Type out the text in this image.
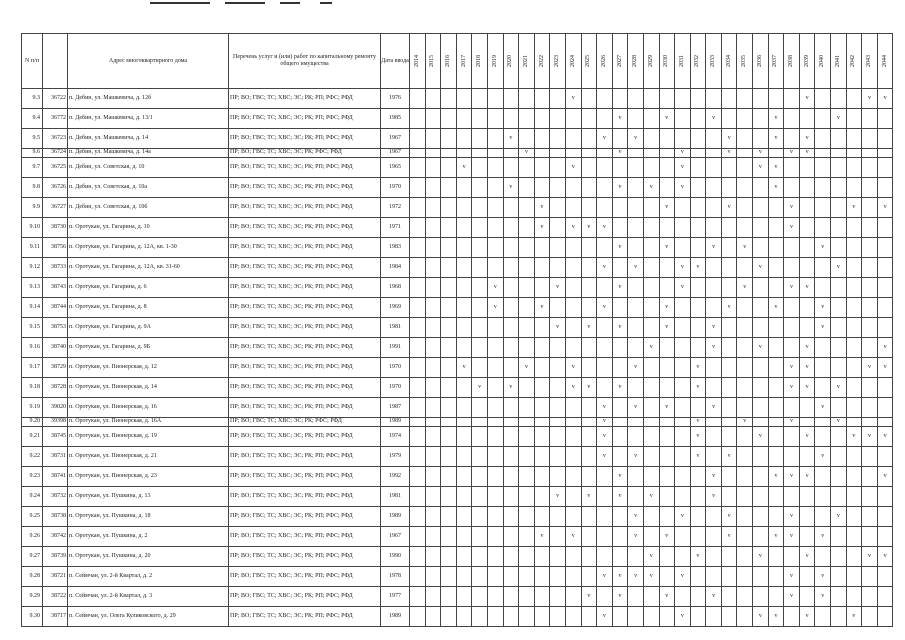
N п/п		Адрес многоквартирного дома	Перечень услуг и (или) работ по капитальному ремонту общего имущества	Дата ввода	2014	2015	2016	2017	2018	2019	2020	2021	2022	2023	2024	2025	2026	2027	2028	2029	2030	2031	2032	2033	2034	2035	2036	2037	2038	2039	2040	2041	2042	2043	2044

9.3	36722	п. Дебин, ул. Машкевича, д. 12б	ПР; ВО; ГВС; ТС; ХВС; ЭС; РК; РП; РФС; РФД	1976											v															v				v	v
9.4	36772	п. Дебин, ул. Машкевича, д. 13/1	ПР; ВО; ГВС; ТС; ХВС; ЭС; РК; РП; РФС; РФД	1985														v			v			v				v				v			
9.5	36723	п. Дебин, ул. Машкевича, д. 14	ПР; ВО; ГВС; ТС; ХВС; ЭС; РК; РП; РФС; РФД	1967							v						v		v						v			v		v					
9.6	36724	п. Дебин, ул. Машкевича, д. 14а	ПР; ВО; ГВС; ТС; ХВС; ЭС; РК; РФС; РФД	1967								v						v				v			v		v		v	v					
9.7	36725	п. Дебин, ул. Советская, д. 10	ПР; ВО; ГВС; ТС; ХВС; ЭС; РК; РП; РФС; РФД	1965				v							v							v					v	v							
9.8	36726	п. Дебин, ул. Советская, д. 10а	ПР; ВО; ГВС; ТС; ХВС; ЭС; РК; РП; РФС; РФД	1970							v							v		v		v						v							
9.9	36727	п. Дебин, ул. Советская, д. 10б	ПР; ВО; ГВС; ТС; ХВС; ЭС; РК; РП; РФС; РФД	1972									v								v				v				v				v		v
9.10	38730	п. Оротукан, ул. Гагарина, д. 10	ПР; ВО; ГВС; ТС; ХВС; ЭС; РК; РП; РФС; РФД	1971									v		v	v	v												v						
9.11	38756	п. Оротукан, ул. Гагарина, д. 12А, кв. 1-30	ПР; ВО; ГВС; ТС; ХВС; ЭС; РК; РП; РФС; РФД	1983														v			v			v		v					v				
9.12	38733	п. Оротукан, ул. Гагарина, д. 12А, кв. 31-60	ПР; ВО; ГВС; ТС; ХВС; ЭС; РК; РП; РФС; РФД	1984													v		v			v	v				v					v			
9.13	38743	п. Оротукан, ул. Гагарина, д. 6	ПР; ВО; ГВС; ТС; ХВС; ЭС; РК; РП; РФС; РФД	1968						v				v				v				v				v			v	v					
9.14	38744	п. Оротукан, ул. Гагарина, д. 8	ПР; ВО; ГВС; ТС; ХВС; ЭС; РК; РП; РФС; РФД	1969						v			v				v				v				v			v			v				
9.15	38753	п. Оротукан, ул. Гагарина, д. 9А	ПР; ВО; ГВС; ТС; ХВС; ЭС; РК; РП; РФС; РФД	1981										v		v		v			v			v							v				
9.16	38740	п. Оротукан, ул. Гагарина, д. 9Б	ПР; ВО; ГВС; ТС; ХВС; ЭС; РК; РП; РФС; РФД	1991																v				v			v			v					v
9.17	38729	п. Оротукан, ул. Пионерская, д. 12	ПР; ВО; ГВС; ТС; ХВС; ЭС; РК; РП; РФС; РФД	1970				v				v			v				v				v						v	v				v	v
9.18	38728	п. Оротукан, ул. Пионерская, д. 14	ПР; ВО; ГВС; ТС; ХВС; ЭС; РК; РП; РФС; РФД	1970					v		v				v	v		v					v						v	v		v			
9.19	39020	п. Оротукан, ул. Пионерская, д. 16	ПР; ВО; ГВС; ТС; ХВС; ЭС; РК; РП; РФС; РФД	1987													v		v		v			v							v				
9.20	39398	п. Оротукан, ул. Пионерская, д. 16А	ПР; ВО; ГВС; ТС; ХВС; ЭС; РК; РФС; РФД	1989													v						v			v			v			v			
9.21	38745	п. Оротукан, ул. Пионерская, д. 19	ПР; ВО; ГВС; ТС; ХВС; ЭС; РК; РП; РФС; РФД	1974													v						v				v			v			v	v	v
9.22	38731	п. Оротукан, ул. Пионерская, д. 21	ПР; ВО; ГВС; ТС; ХВС; ЭС; РК; РП; РФС; РФД	1979													v		v				v		v						v				
9.23	38741	п. Оротукан, ул. Пионерская, д. 23	ПР; ВО; ГВС; ТС; ХВС; ЭС; РК; РП; РФС; РФД	1992														v						v				v	v	v					v
9.24	38732	п. Оротукан, ул. Пушкина, д. 13	ПР; ВО; ГВС; ТС; ХВС; ЭС; РК; РП; РФС; РФД	1981										v		v		v		v				v											
9.25	38738	п. Оротукан, ул. Пушкина, д. 18	ПР; ВО; ГВС; ТС; ХВС; ЭС; РК; РП; РФС; РФД	1989															v			v			v				v			v			
9.26	38742	п. Оротукан, ул. Пушкина, д. 2	ПР; ВО; ГВС; ТС; ХВС; ЭС; РК; РП; РФС; РФД	1967									v		v				v		v				v			v	v		v				
9.27	38739	п. Оротукан, ул. Пушкина, д. 20	ПР; ВО; ГВС; ТС; ХВС; ЭС; РК; РП; РФС; РФД	1990																v			v				v			v				v	v
9.28	38721	п. Сеймчан, ул. 2-й Квартал, д. 2	ПР; ВО; ГВС; ТС; ХВС; ЭС; РК; РП; РФС; РФД	1978													v	v	v	v		v							v		v				
9.29	38722	п. Сеймчан, ул. 2-й Квартал, д. 3	ПР; ВО; ГВС; ТС; ХВС; ЭС; РК; РП; РФС; РФД	1977												v		v			v			v					v		v				
9.30	38717	п. Сеймчан, ул. Олега Куликовского, д. 29	ПР; ВО; ГВС; ТС; ХВС; ЭС; РК; РП; РФС; РФД	1989													v					v					v	v		v			v		
